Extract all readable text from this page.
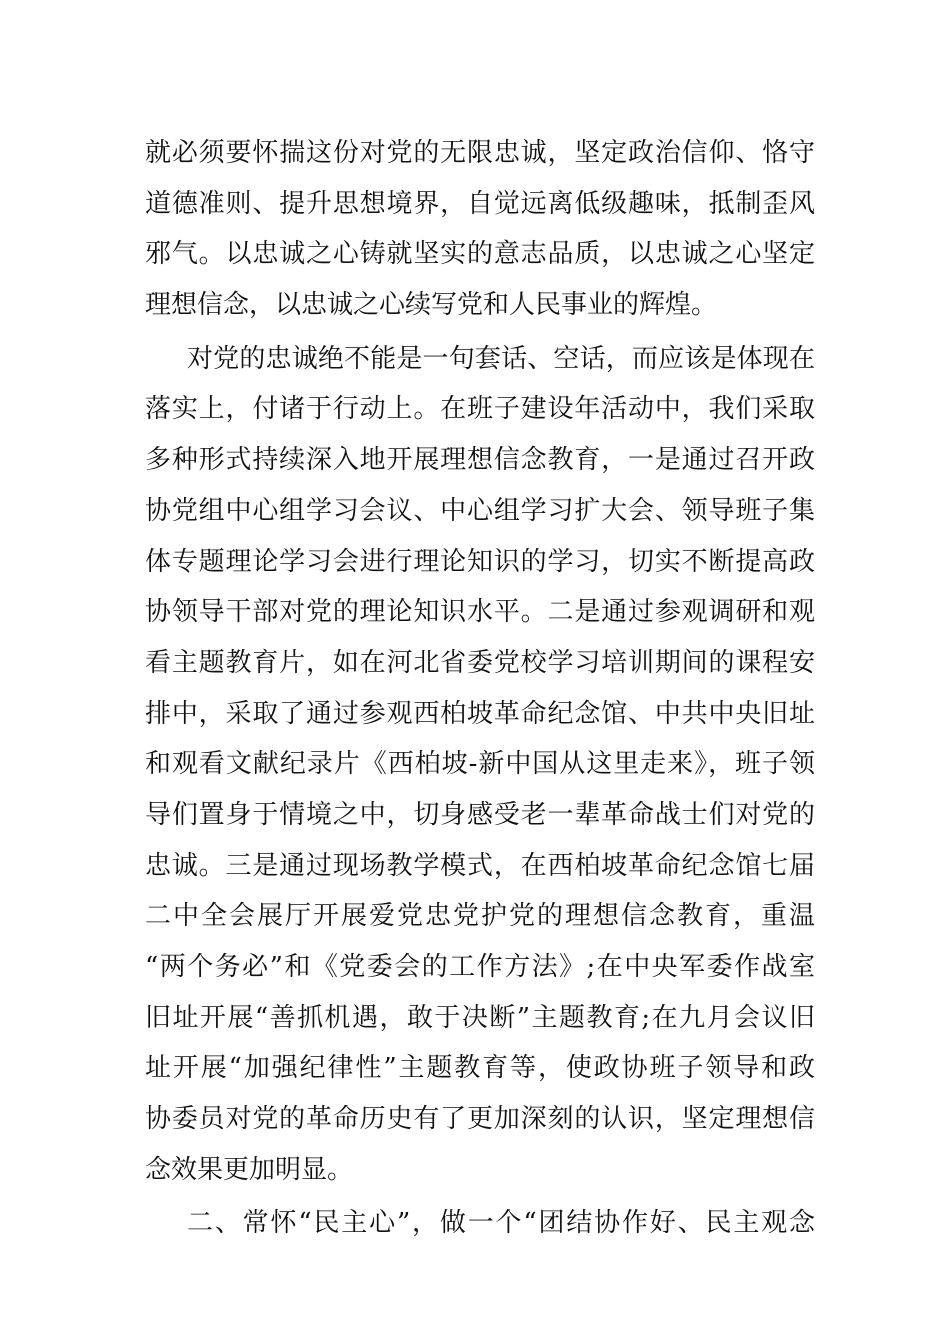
就必须要怀揣这份对党的无限忠诚，坚定政治信仰、恪守
道德准则、提升思想境界，自觉远离低级趣味，抵制歪风
邪气。以忠诚之心铸就坚实的意志品质，以忠诚之心坚定
理想信念，以忠诚之心续写党和人民事业的辉煌。
对党的忠诚绝不能是一句套话、空话，而应该是体现在
落实上，付诸于行动上。在班子建设年活动中，我们采取
多种形式持续深入地开展理想信念教育，一是通过召开政
协党组中心组学习会议、中心组学习扩大会、领导班子集
体专题理论学习会进行理论知识的学习，切实不断提高政
协领导干部对党的理论知识水平。二是通过参观调研和观
看主题教育片，如在河北省委党校学习培训期间的课程安
排中，采取了通过参观西柏坡革命纪念馆、中共中央旧址
和观看文献纪录片《西柏坡-新中国从这里走来》，班子领
导们置身于情境之中，切身感受老一辈革命战士们对党的
忠诚。三是通过现场教学模式，在西柏坡革命纪念馆七届
二中全会展厅开展爱党忠党护党的理想信念教育，重温
“两个务必”和《党委会的工作方法》;在中央军委作战室
旧址开展“善抓机遇，敢于决断”主题教育;在九月会议旧
址开展“加强纪律性”主题教育等，使政协班子领导和政
协委员对党的革命历史有了更加深刻的认识，坚定理想信
念效果更加明显。
二、常怀“民主心”，做一个“团结协作好、民主观念
